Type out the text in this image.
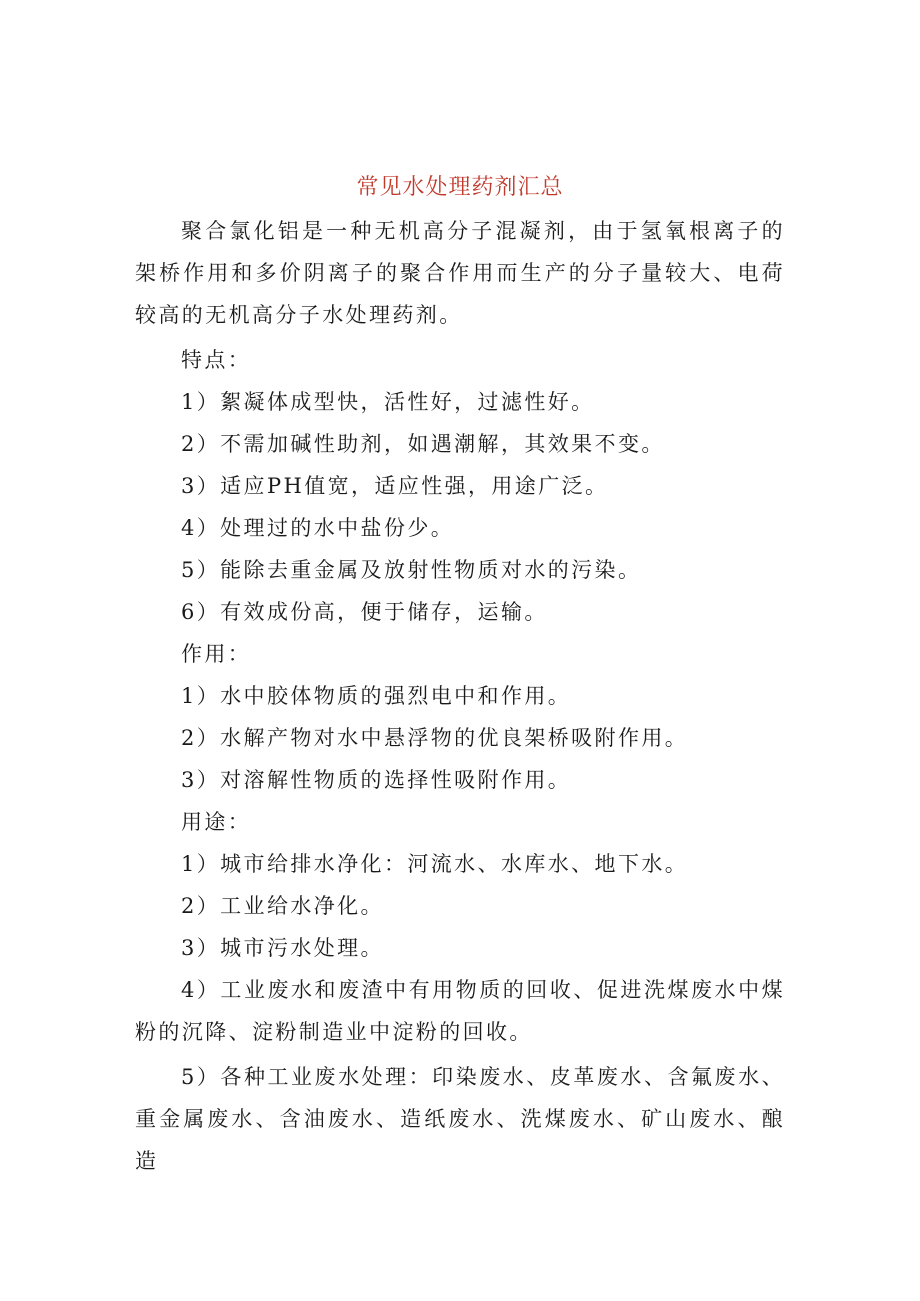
常见水处理药剂汇总

聚合氯化铝是一种无机高分子混凝剂，由于氢氧根离子的架桥作用和多价阴离子的聚合作用而生产的分子量较大、电荷较高的无机高分子水处理药剂。

特点：

1）絮凝体成型快，活性好，过滤性好。

2）不需加碱性助剂，如遇潮解，其效果不变。

3）适应PH值宽，适应性强，用途广泛。

4）处理过的水中盐份少。

5）能除去重金属及放射性物质对水的污染。

6）有效成份高，便于储存，运输。

作用：

1）水中胶体物质的强烈电中和作用。

2）水解产物对水中悬浮物的优良架桥吸附作用。

3）对溶解性物质的选择性吸附作用。

用途：

1）城市给排水净化：河流水、水库水、地下水。

2）工业给水净化。

3）城市污水处理。

4）工业废水和废渣中有用物质的回收、促进洗煤废水中煤粉的沉降、淀粉制造业中淀粉的回收。

5）各种工业废水处理：印染废水、皮革废水、含氟废水、重金属废水、含油废水、造纸废水、洗煤废水、矿山废水、酿造
